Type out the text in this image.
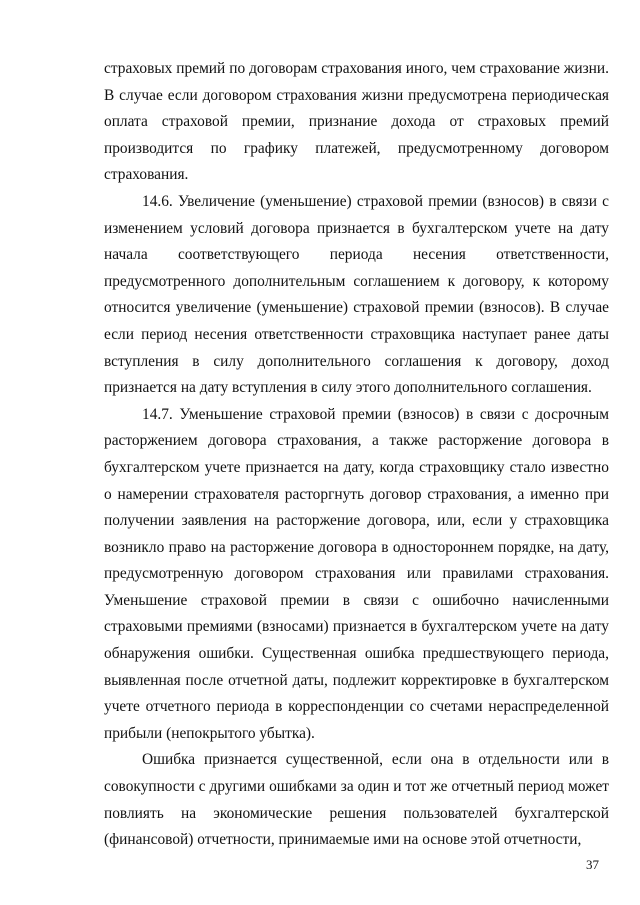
страховых премий по договорам страхования иного, чем страхование жизни. В случае если договором страхования жизни предусмотрена периодическая оплата страховой премии, признание дохода от страховых премий производится по графику платежей, предусмотренному договором страхования.

14.6. Увеличение (уменьшение) страховой премии (взносов) в связи с изменением условий договора признается в бухгалтерском учете на дату начала соответствующего периода несения ответственности, предусмотренного дополнительным соглашением к договору, к которому относится увеличение (уменьшение) страховой премии (взносов). В случае если период несения ответственности страховщика наступает ранее даты вступления в силу дополнительного соглашения к договору, доход признается на дату вступления в силу этого дополнительного соглашения.

14.7. Уменьшение страховой премии (взносов) в связи с досрочным расторжением договора страхования, а также расторжение договора в бухгалтерском учете признается на дату, когда страховщику стало известно о намерении страхователя расторгнуть договор страхования, а именно при получении заявления на расторжение договора, или, если у страховщика возникло право на расторжение договора в одностороннем порядке, на дату, предусмотренную договором страхования или правилами страхования. Уменьшение страховой премии в связи с ошибочно начисленными страховыми премиями (взносами) признается в бухгалтерском учете на дату обнаружения ошибки. Существенная ошибка предшествующего периода, выявленная после отчетной даты, подлежит корректировке в бухгалтерском учете отчетного периода в корреспонденции со счетами нераспределенной прибыли (непокрытого убытка).

Ошибка признается существенной, если она в отдельности или в совокупности с другими ошибками за один и тот же отчетный период может повлиять на экономические решения пользователей бухгалтерской (финансовой) отчетности, принимаемые ими на основе этой отчетности,

37
